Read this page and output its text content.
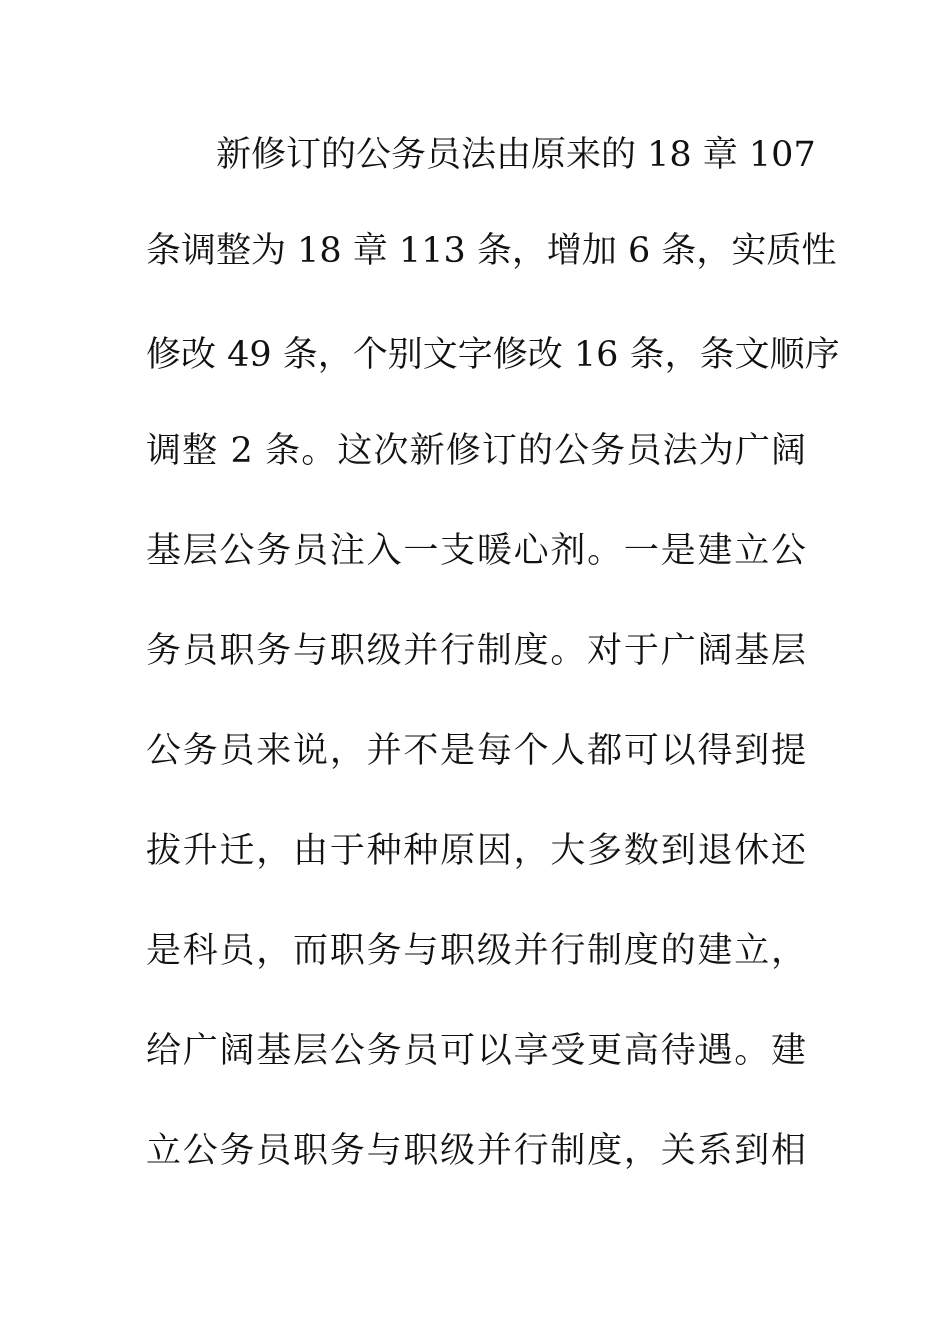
新修订的公务员法由原来的 18 章 107
条调整为 18 章 113 条，增加 6 条，实质性
修改 49 条，个别文字修改 16 条，条文顺序
调整 2 条。这次新修订的公务员法为广阔
基层公务员注入一支暖心剂。一是建立公
务员职务与职级并行制度。对于广阔基层
公务员来说，并不是每个人都可以得到提
拔升迁，由于种种原因，大多数到退休还
是科员，而职务与职级并行制度的建立，
给广阔基层公务员可以享受更高待遇。建
立公务员职务与职级并行制度，关系到相
